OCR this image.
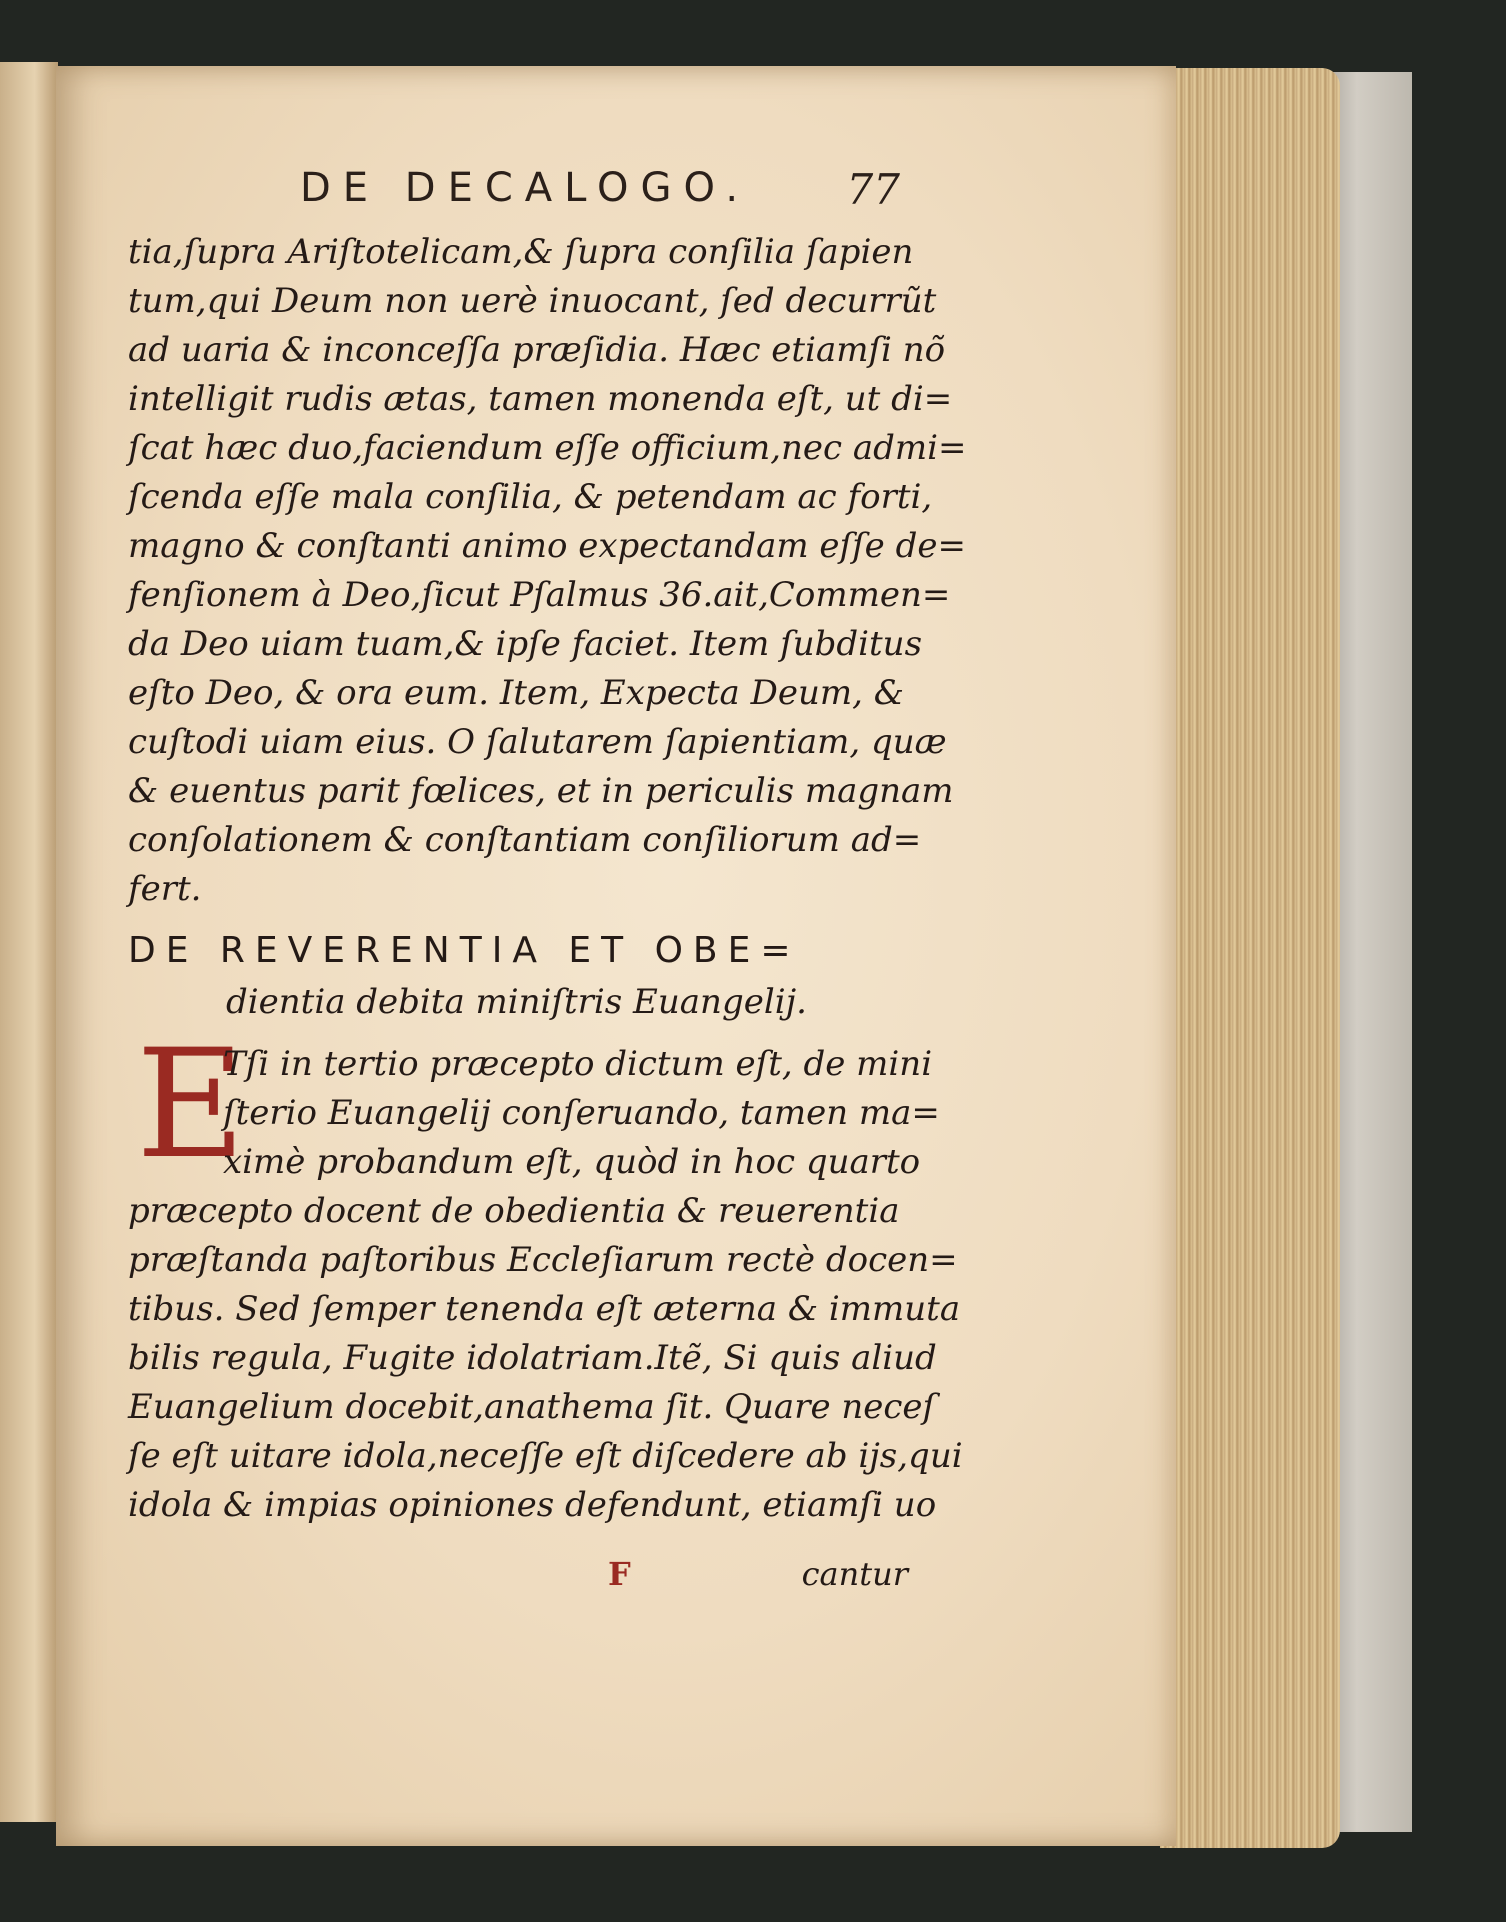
DE DECALOGO. 77
tia,ſupra Ariſtotelicam,& ſupra conſilia ſapien
tum,qui Deum non uerè inuocant, ſed decurrũt
ad uaria & inconceſſa præſidia. Hæc etiamſi nõ
intelligit rudis ætas, tamen monenda eſt, ut di=
ſcat hæc duo,faciendum eſſe officium,nec admi=
ſcenda eſſe mala conſilia, & petendam ac forti,
magno & conſtanti animo expectandam eſſe de=
fenſionem à Deo,ſicut Pſalmus 36.ait,Commen=
da Deo uiam tuam,& ipſe faciet. Item ſubditus
eſto Deo, & ora eum. Item, Expecta Deum, &
cuſtodi uiam eius. O ſalutarem ſapientiam, quæ
& euentus parit fœlices, et in periculis magnam
conſolationem & conſtantiam conſiliorum ad=
fert.
DE REVERENTIA ET OBE=
dientia debita miniſtris Euangelij.
E
Tſi in tertio præcepto dictum eſt, de mini
ſterio Euangelij conſeruando, tamen ma=
ximè probandum eſt, quòd in hoc quarto
præcepto docent de obedientia & reuerentia
præſtanda paſtoribus Eccleſiarum rectè docen=
tibus. Sed ſemper tenenda eſt æterna & immuta
bilis regula, Fugite idolatriam.Itẽ, Si quis aliud
Euangelium docebit,anathema ſit. Quare neceſ
ſe eſt uitare idola,neceſſe eſt diſcedere ab ijs,qui
idola & impias opiniones defendunt, etiamſi uo
F	cantur
